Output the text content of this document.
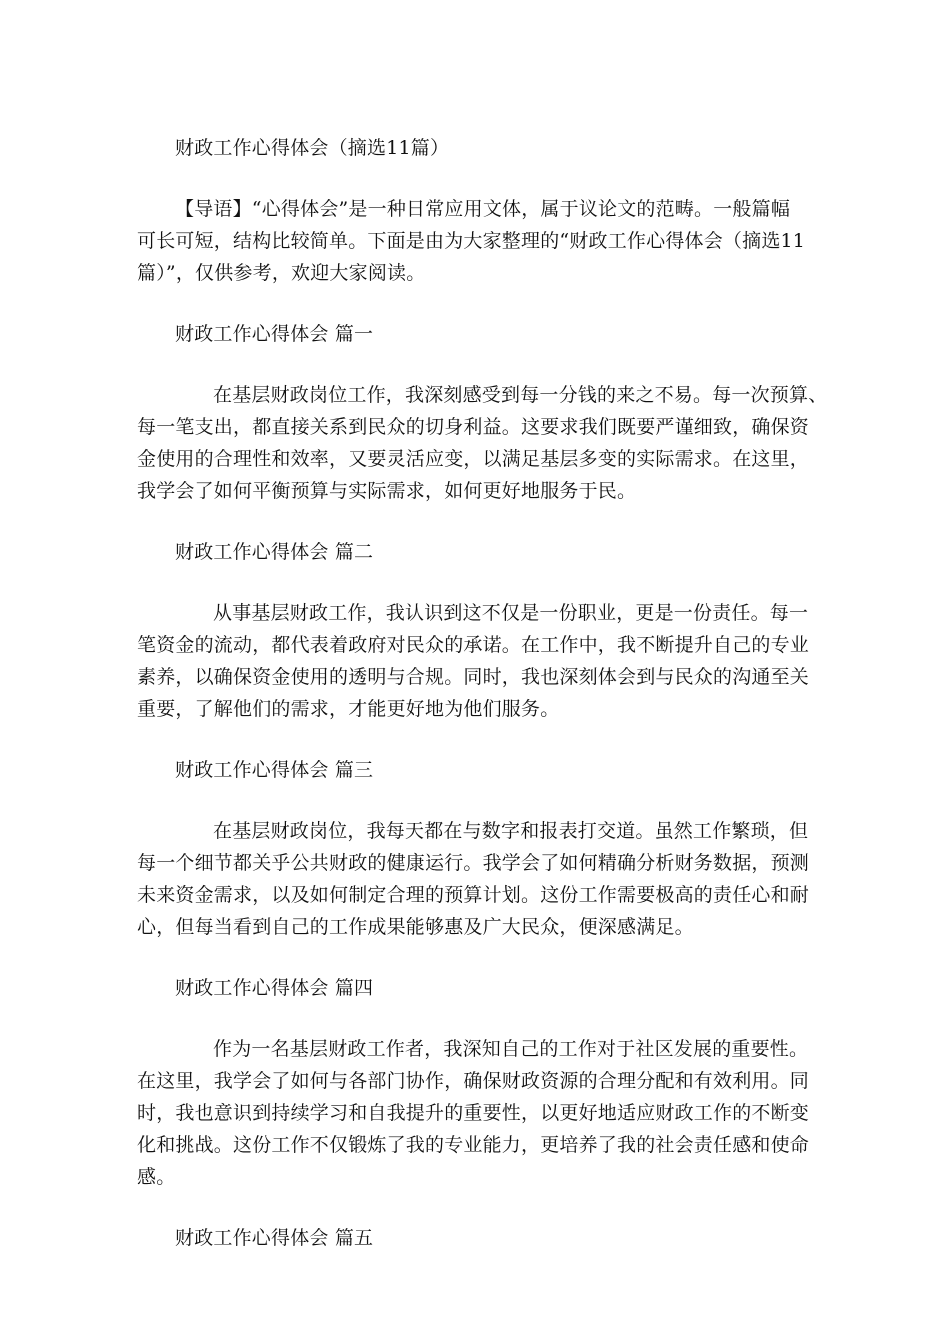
财政工作心得体会（摘选11篇）
【导语】“心得体会”是一种日常应用文体，属于议论文的范畴。一般篇幅
可长可短，结构比较简单。下面是由为大家整理的“财政工作心得体会（摘选11
篇）”，仅供参考，欢迎大家阅读。
财政工作心得体会 篇一
在基层财政岗位工作，我深刻感受到每一分钱的来之不易。每一次预算、
每一笔支出，都直接关系到民众的切身利益。这要求我们既要严谨细致，确保资
金使用的合理性和效率，又要灵活应变，以满足基层多变的实际需求。在这里，
我学会了如何平衡预算与实际需求，如何更好地服务于民。
财政工作心得体会 篇二
从事基层财政工作，我认识到这不仅是一份职业，更是一份责任。每一
笔资金的流动，都代表着政府对民众的承诺。在工作中，我不断提升自己的专业
素养，以确保资金使用的透明与合规。同时，我也深刻体会到与民众的沟通至关
重要，了解他们的需求，才能更好地为他们服务。
财政工作心得体会 篇三
在基层财政岗位，我每天都在与数字和报表打交道。虽然工作繁琐，但
每一个细节都关乎公共财政的健康运行。我学会了如何精确分析财务数据，预测
未来资金需求，以及如何制定合理的预算计划。这份工作需要极高的责任心和耐
心，但每当看到自己的工作成果能够惠及广大民众，便深感满足。
财政工作心得体会 篇四
作为一名基层财政工作者，我深知自己的工作对于社区发展的重要性。
在这里，我学会了如何与各部门协作，确保财政资源的合理分配和有效利用。同
时，我也意识到持续学习和自我提升的重要性，以更好地适应财政工作的不断变
化和挑战。这份工作不仅锻炼了我的专业能力，更培养了我的社会责任感和使命
感。
财政工作心得体会 篇五
